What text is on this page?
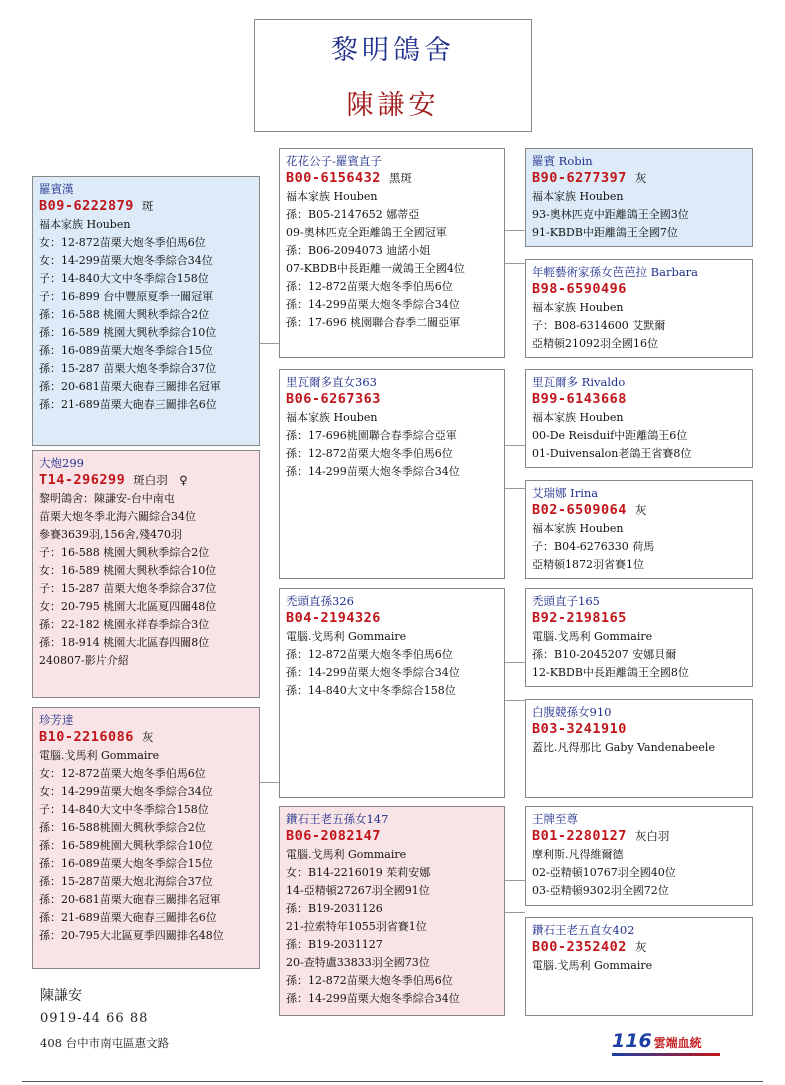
黎明鴿舍
陳謙安
羅賓漢
B09-6222879 斑
福本家族 Houben
女：12-872苗栗大炮冬季伯馬6位
女：14-299苗栗大炮冬季綜合34位
子：14-840大文中冬季綜合158位
子：16-899 台中豐原夏季一關冠軍
孫：16-588 桃園大興秋季綜合2位
孫：16-589 桃園大興秋季綜合10位
孫：16-089苗栗大炮冬季綜合15位
孫：15-287 苗栗大炮冬季綜合37位
孫：20-681苗栗大砲春三關排名冠軍
孫：21-689苗栗大砲春三關排名6位
大炮299
T14-296299 斑白羽　♀
黎明鴿舍：陳謙安-台中南屯
苗栗大炮冬季北海六關綜合34位
參賽3639羽,156舍,殘470羽
子：16-588 桃園大興秋季綜合2位
女：16-589 桃園大興秋季綜合10位
子：15-287 苗栗大炮冬季綜合37位
女：20-795 桃園大北區夏四關48位
孫：22-182 桃園永祥春季綜合3位
孫：18-914 桃園大北區春四關8位
240807-影片介紹
珍芳達
B10-2216086 灰
電腦.戈馬利 Gommaire
女：12-872苗栗大炮冬季伯馬6位
女：14-299苗栗大炮冬季綜合34位
子：14-840大文中冬季綜合158位
孫：16-588桃園大興秋季綜合2位
孫：16-589桃園大興秋季綜合10位
孫：16-089苗栗大炮冬季綜合15位
孫：15-287苗栗大炮北海綜合37位
孫：20-681苗栗大砲春三關排名冠軍
孫：21-689苗栗大砲春三關排名6位
孫：20-795大北區夏季四關排名48位
花花公子-羅賓直子
B00-6156432 黑斑
福本家族 Houben
孫：B05-2147652 娜蒂亞
09-奧林匹克全距離鴿王全國冠軍
孫：B06-2094073 迪諾小姐
07-KBDB中長距離一歲鴿王全國4位
孫：12-872苗栗大炮冬季伯馬6位
孫：14-299苗栗大炮冬季綜合34位
孫：17-696 桃園聯合春季二關亞軍
里瓦爾多直女363
B06-6267363
福本家族 Houben
孫：17-696桃園聯合春季綜合亞軍
孫：12-872苗栗大炮冬季伯馬6位
孫：14-299苗栗大炮冬季綜合34位
禿頭直孫326
B04-2194326
電腦.戈馬利 Gommaire
孫：12-872苗栗大炮冬季伯馬6位
孫：14-299苗栗大炮冬季綜合34位
孫：14-840大文中冬季綜合158位
鑽石王老五孫女147
B06-2082147
電腦.戈馬利 Gommaire
女：B14-2216019 茱莉安娜
14-亞精頓27267羽全國91位
孫：B19-2031126
21-拉索特年1055羽省賽1位
孫：B19-2031127
20-查特盧33833羽全國73位
孫：12-872苗栗大炮冬季伯馬6位
孫：14-299苗栗大炮冬季綜合34位
羅賓 Robin
B90-6277397 灰
福本家族 Houben
93-奧林匹克中距離鴿王全國3位
91-KBDB中距離鴿王全國7位
年輕藝術家孫女芭芭拉 Barbara
B98-6590496
福本家族 Houben
子：B08-6314600 艾默爾
亞精頓21092羽全國16位
里瓦爾多 Rivaldo
B99-6143668
福本家族 Houben
00-De Reisduif中距離鴿王6位
01-Duivensalon老鴿王省賽8位
艾瑞娜 Irina
B02-6509064 灰
福本家族 Houben
子：B04-6276330 荷馬
亞精頓1872羽省賽1位
禿頭直子165
B92-2198165
電腦.戈馬利 Gommaire
孫：B10-2045207 安娜貝爾
12-KBDB中長距離鴿王全國8位
白腹競孫女910
B03-3241910
蓋比.凡得那比 Gaby Vandenabeele
王牌至尊
B01-2280127 灰白羽
摩利斯.凡得維爾德
02-亞精頓10767羽全國40位
03-亞精頓9302羽全國72位
鑽石王老五直女402
B00-2352402 灰
電腦.戈馬利 Gommaire
陳謙安
0919-44 66 88
408 台中市南屯區惠文路	116 雲端血統
